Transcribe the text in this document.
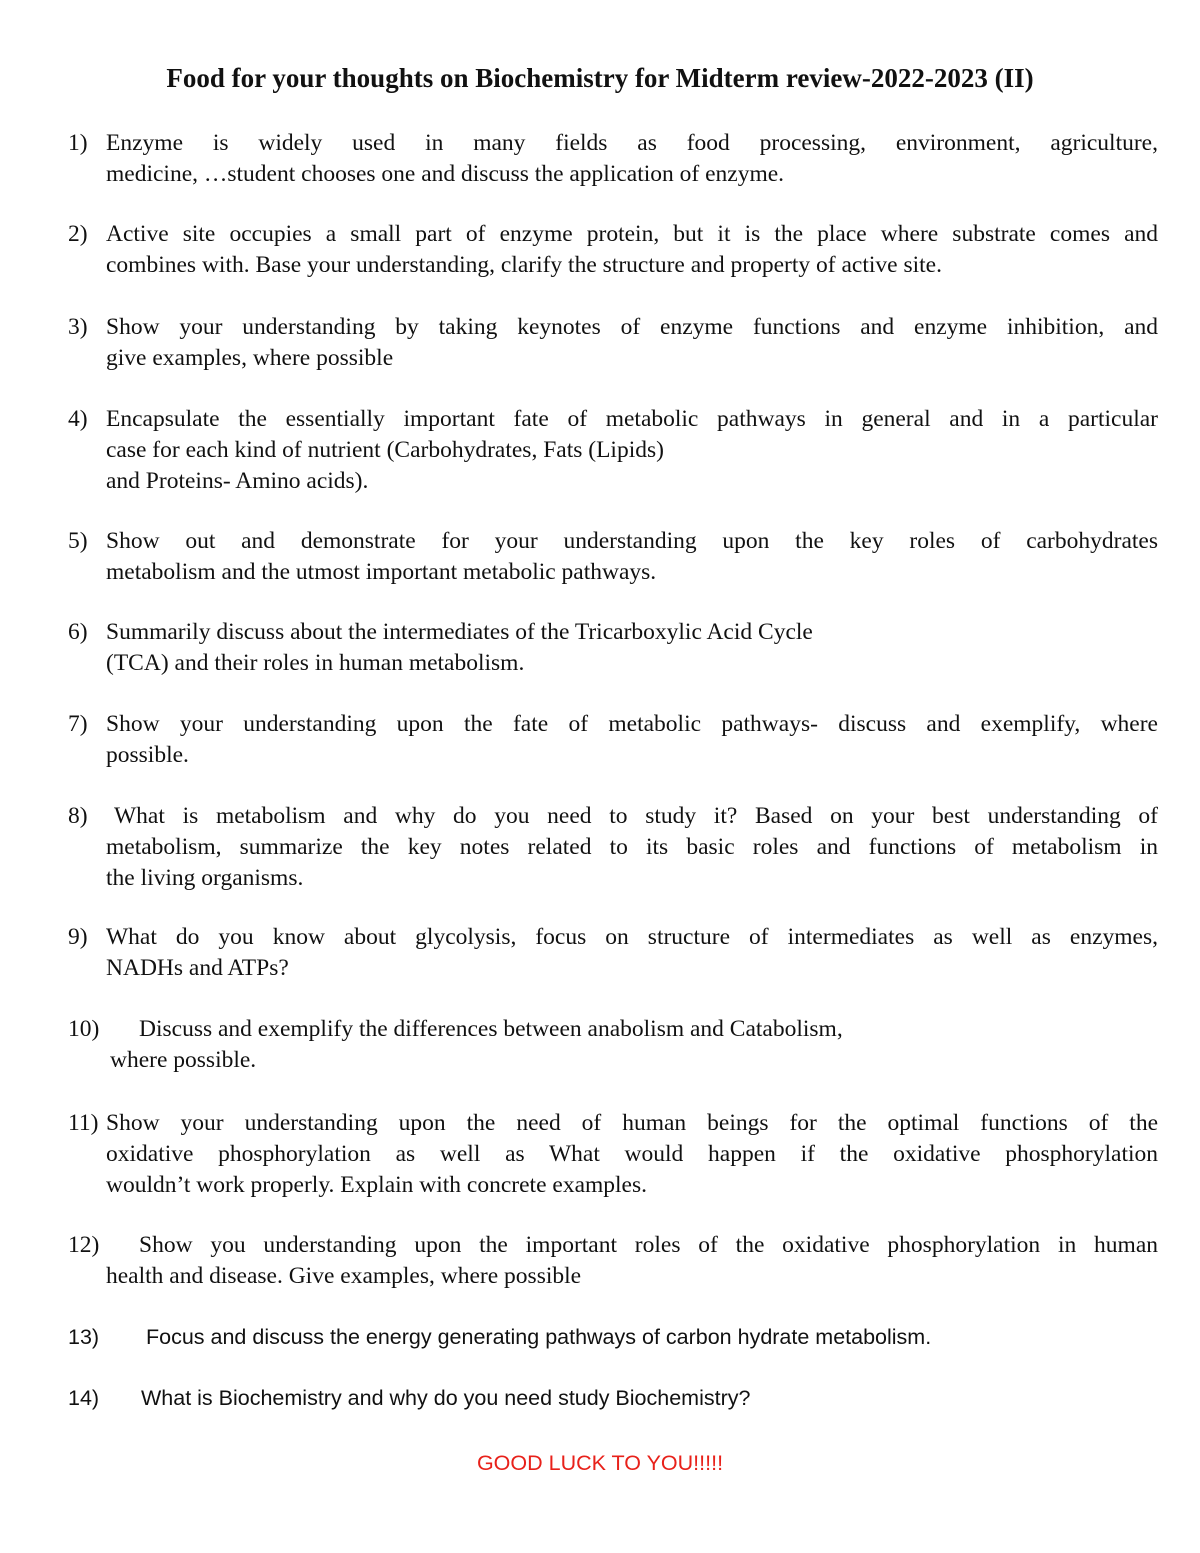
Food for your thoughts on Biochemistry for Midterm review-2022-2023 (II)
1) Enzyme is widely used in many fields as food processing, environment, agriculture,
medicine, …student chooses one and discuss the application of enzyme.
2) Active site occupies a small part of enzyme protein, but it is the place where substrate comes and
combines with. Base your understanding, clarify the structure and property of active site.
3) Show your understanding by taking keynotes of enzyme functions and enzyme inhibition, and
give examples, where possible
4) Encapsulate the essentially important fate of metabolic pathways in general and in a particular
case for each kind of nutrient (Carbohydrates, Fats (Lipids)
and Proteins- Amino acids).
5) Show out and demonstrate for your understanding upon the key roles of carbohydrates
metabolism and the utmost important metabolic pathways.
6) Summarily discuss about the intermediates of the Tricarboxylic Acid Cycle
(TCA) and their roles in human metabolism.
7) Show your understanding upon the fate of metabolic pathways- discuss and exemplify, where
possible.
8)	What is metabolism and why do you need to study it? Based on your best understanding of
metabolism, summarize the key notes related to its basic roles and functions of metabolism in
the living organisms.
9) What do you know about glycolysis, focus on structure of intermediates as well as enzymes,
NADHs and ATPs?
10)	Discuss and exemplify the differences between anabolism and Catabolism,
where possible.
11) Show your understanding upon the need of human beings for the optimal functions of the
oxidative phosphorylation as well as What would happen if the oxidative phosphorylation
wouldn’t work properly. Explain with concrete examples.
12)	Show you understanding upon the important roles of the oxidative phosphorylation in human
health and disease. Give examples, where possible
13)	Focus and discuss the energy generating pathways of carbon hydrate metabolism.
14)	What is Biochemistry and why do you need study Biochemistry?
GOOD LUCK TO YOU!!!!!
